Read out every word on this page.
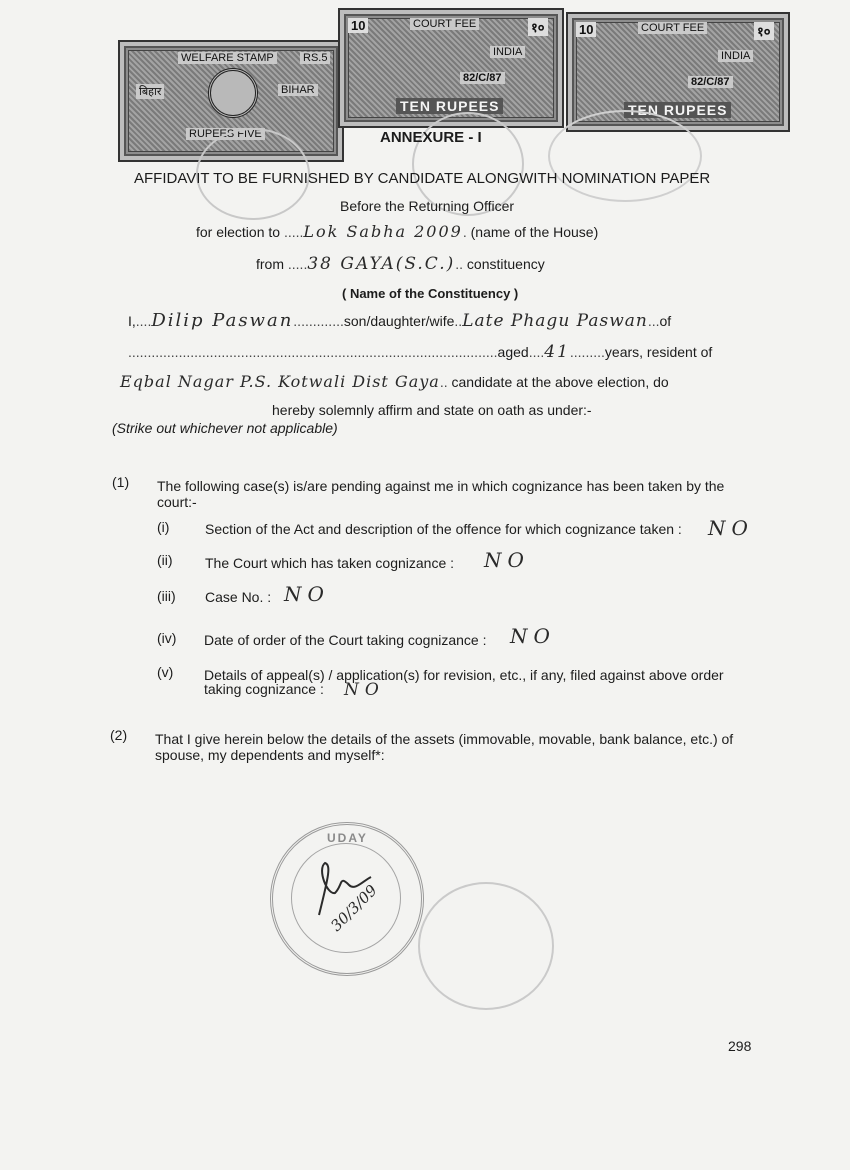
WELFARE STAMP	RS.5
बिहार	BIHAR
RUPEES FIVE
10	COURT FEE	१०
INDIA
82/C/87
TEN RUPEES
10	COURT FEE	१०
INDIA
82/C/87
TEN RUPEES
ANNEXURE - I
AFFIDAVIT TO BE FURNISHED BY CANDIDATE ALONGWITH NOMINATION PAPER
Before the Returning Officer
for election to .....Lok Sabha 2009. (name of the House)
from .....38 GAYA(S.C.).. constituency
( Name of the Constituency )
I,....Dilip Paswan.............son/daughter/wife..Late Phagu Paswan...of
...............................................................................................aged....41.........years, resident of
Eqbal Nagar P.S. Kotwali Dist Gaya.. candidate at the above election, do
hereby solemnly affirm and state on oath as under:-
(Strike out whichever not applicable)
(1) The following case(s) is/are pending against me in which cognizance has been taken by the
court:-
(i)	Section of the Act and description of the offence for which cognizance taken : NO
(ii) The Court which has taken cognizance : NO
(iii) Case No. : NO
(iv) Date of order of the Court taking cognizance : NO
(v) Details of appeal(s) / application(s) for revision, etc., if any, filed against above order
taking cognizance : NO
(2) That I give herein below the details of the assets (immovable, movable, bank balance, etc.) of
spouse, my dependents and myself*:
UDAY
30/3/09
298
